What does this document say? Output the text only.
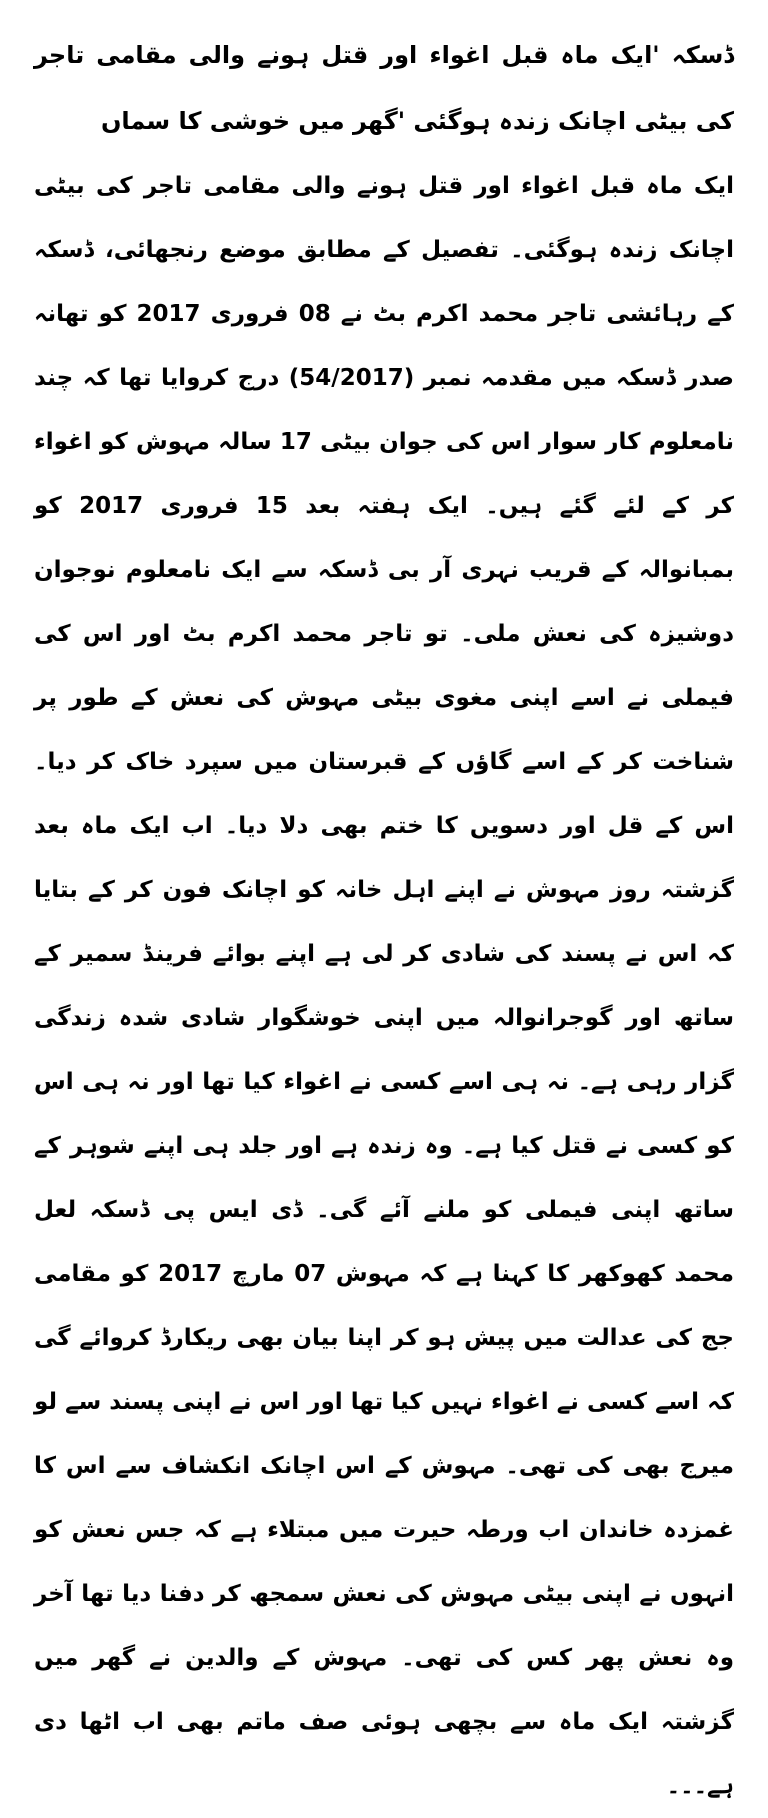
ڈسکہ 'ایک ماہ قبل اغواء اور قتل ہونے والی مقامی تاجر کی بیٹی اچانک زندہ ہوگئی 'گھر میں خوشی کا سماں

ایک ماہ قبل اغواء اور قتل ہونے والی مقامی تاجر کی بیٹی اچانک زندہ ہوگئی۔ تفصیل کے مطابق موضع رنجھائی، ڈسکہ کے رہائشی تاجر محمد اکرم بٹ نے 08 فروری 2017 کو تھانہ صدر ڈسکہ میں مقدمہ نمبر (54/2017) درج کروایا تھا کہ چند نامعلوم کار سوار اس کی جوان بیٹی 17 سالہ مہوش کو اغواء کر کے لئے گئے ہیں۔ ایک ہفتہ بعد 15 فروری 2017 کو بمبانوالہ کے قریب نہری آر بی ڈسکہ سے ایک نامعلوم نوجوان دوشیزہ کی نعش ملی۔ تو تاجر محمد اکرم بٹ اور اس کی فیملی نے اسے اپنی مغوی بیٹی مہوش کی نعش کے طور پر شناخت کر کے اسے گاؤں کے قبرستان میں سپرد خاک کر دیا۔ اس کے قل اور دسویں کا ختم بھی دلا دیا۔ اب ایک ماہ بعد گزشتہ روز مہوش نے اپنے اہل خانہ کو اچانک فون کر کے بتایا کہ اس نے پسند کی شادی کر لی ہے اپنے بوائے فرینڈ سمیر کے ساتھ اور گوجرانوالہ میں اپنی خوشگوار شادی شدہ زندگی گزار رہی ہے۔ نہ ہی اسے کسی نے اغواء کیا تھا اور نہ ہی اس کو کسی نے قتل کیا ہے۔ وہ زندہ ہے اور جلد ہی اپنے شوہر کے ساتھ اپنی فیملی کو ملنے آئے گی۔ ڈی ایس پی ڈسکہ لعل محمد کھوکھر کا کہنا ہے کہ مہوش 07 مارچ 2017 کو مقامی جج کی عدالت میں پیش ہو کر اپنا بیان بھی ریکارڈ کروائے گی کہ اسے کسی نے اغواء نہیں کیا تھا اور اس نے اپنی پسند سے لو میرج بھی کی تھی۔ مہوش کے اس اچانک انکشاف سے اس کا غمزدہ خاندان اب ورطہ حیرت میں مبتلاء ہے کہ جس نعش کو انہوں نے اپنی بیٹی مہوش کی نعش سمجھ کر دفنا دیا تھا آخر وہ نعش پھر کس کی تھی۔ مہوش کے والدین نے گھر میں گزشتہ ایک ماہ سے بچھی ہوئی صف ماتم بھی اب اٹھا دی ہے۔۔۔
